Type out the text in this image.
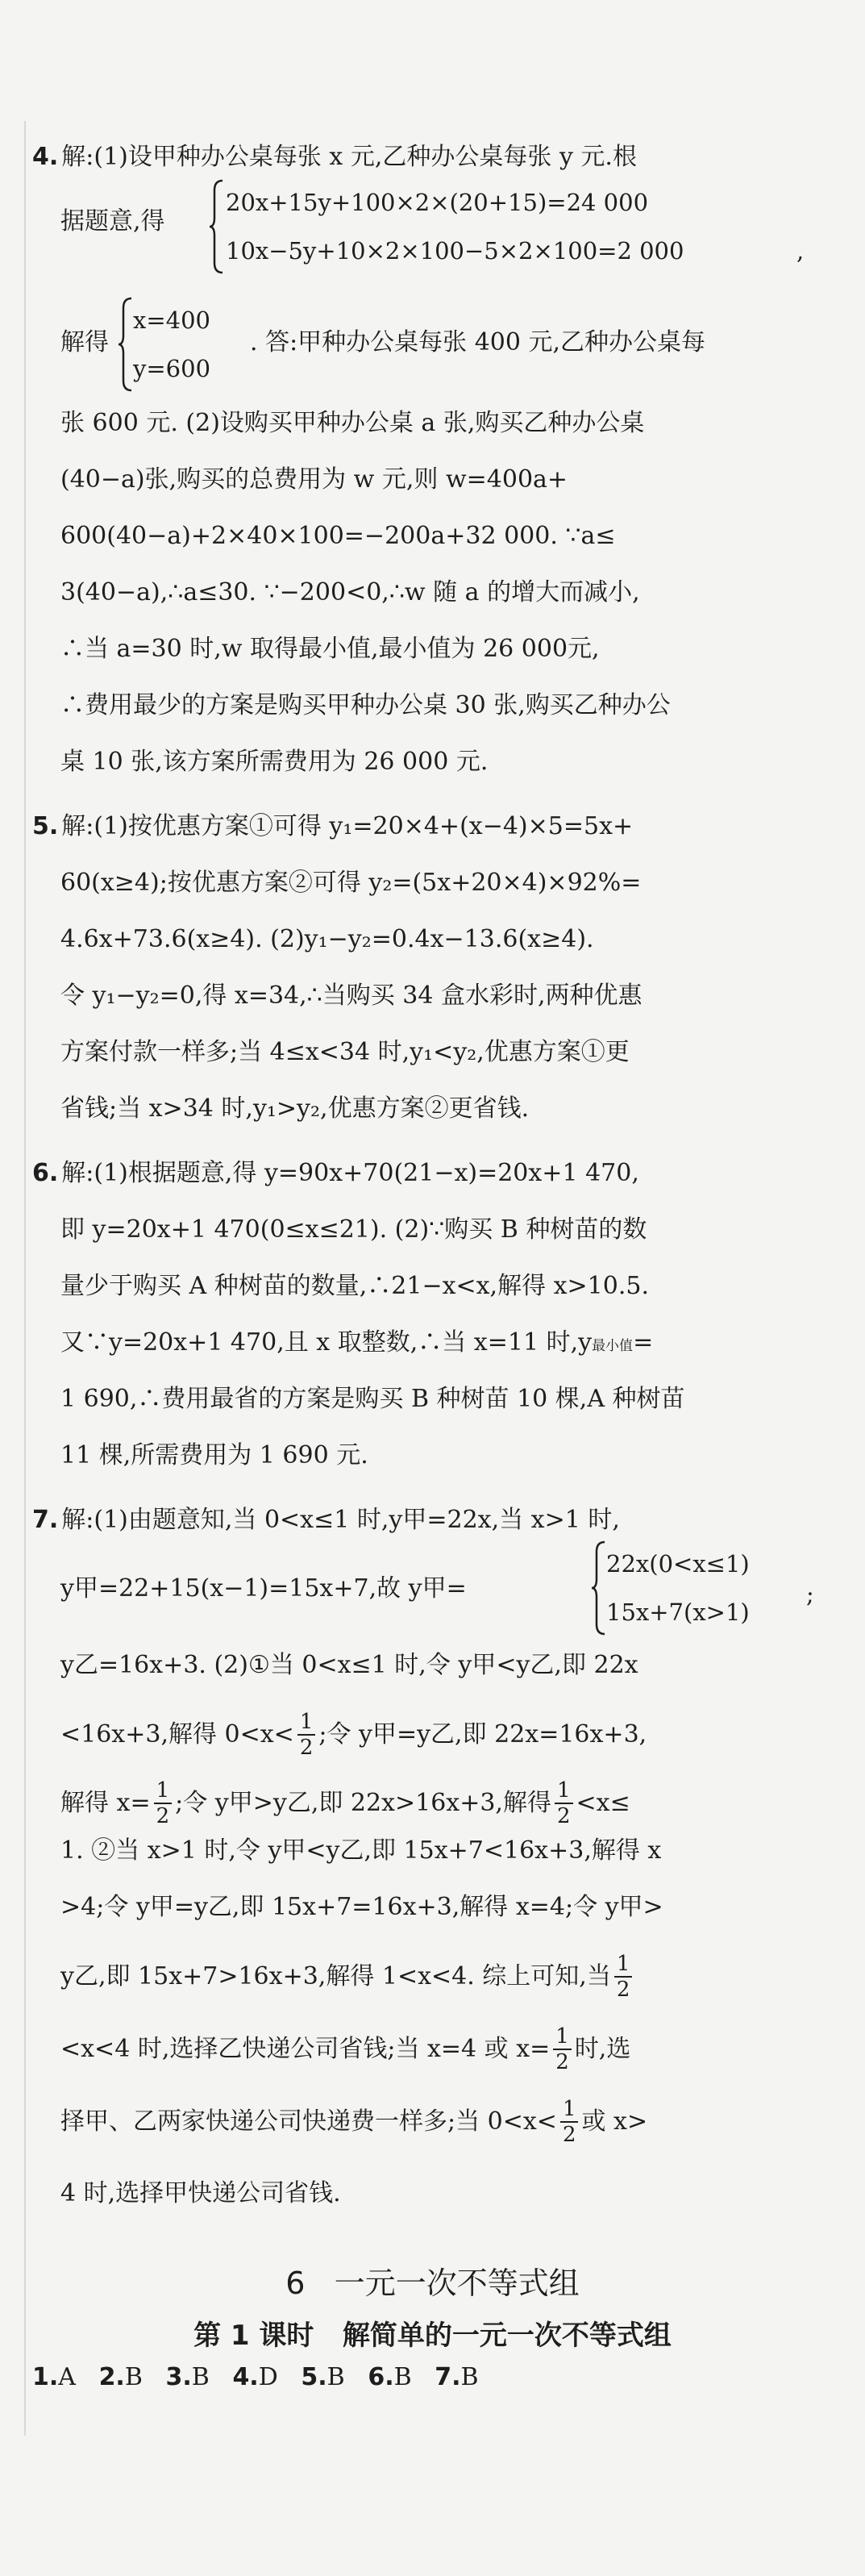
4. 解:(1)设甲种办公桌每张 x 元,乙种办公桌每张 y 元.根
据题意,得
20x+15y+100×2×(20+15)=24 000
10x−5y+10×2×100−5×2×100=2 000	,
解得
x=400
y=600
. 答:甲种办公桌每张 400 元,乙种办公桌每
张 600 元. (2)设购买甲种办公桌 a 张,购买乙种办公桌
(40−a)张,购买的总费用为 w 元,则 w=400a+
600(40−a)+2×40×100=−200a+32 000. ∵a≤
3(40−a),∴a≤30. ∵−200<0,∴w 随 a 的增大而减小,
∴当 a=30 时,w 取得最小值,最小值为 26 000元,
∴费用最少的方案是购买甲种办公桌 30 张,购买乙种办公
桌 10 张,该方案所需费用为 26 000 元.
5. 解:(1)按优惠方案①可得 y₁=20×4+(x−4)×5=5x+
60(x≥4);按优惠方案②可得 y₂=(5x+20×4)×92%=
4.6x+73.6(x≥4). (2)y₁−y₂=0.4x−13.6(x≥4).
令 y₁−y₂=0,得 x=34,∴当购买 34 盒水彩时,两种优惠
方案付款一样多;当 4≤x<34 时,y₁<y₂,优惠方案①更
省钱;当 x>34 时,y₁>y₂,优惠方案②更省钱.
6. 解:(1)根据题意,得 y=90x+70(21−x)=20x+1 470,
即 y=20x+1 470(0≤x≤21). (2)∵购买 B 种树苗的数
量少于购买 A 种树苗的数量,∴21−x<x,解得 x>10.5.
又∵y=20x+1 470,且 x 取整数,∴当 x=11 时,y 最小值 =
1 690,∴费用最省的方案是购买 B 种树苗 10 棵,A 种树苗
11 棵,所需费用为 1 690 元.
7. 解:(1)由题意知,当 0<x≤1 时,y甲=22x,当 x>1 时,
y甲=22+15(x−1)=15x+7,故 y甲=
22x(0<x≤1)
15x+7(x>1)
;
y乙=16x+3. (2)①当 0<x≤1 时,令 y甲<y乙,即 22x
<16x+3,解得 $0<x< \frac{1}{2}$ ;令 y甲=y乙,即 22x=16x+3,
解得 $x= \frac{1}{2}$ ;令 y甲>y乙,即 22x>16x+3,解得 $\frac{1}{2} <x\le$
1. ②当 x>1 时,令 y甲<y乙,即 15x+7<16x+3,解得 x
>4;令 y甲=y乙,即 15x+7=16x+3,解得 x=4;令 y甲>
y乙,即 15x+7>16x+3,解得 1<x<4. 综上可知,当 $\frac{1}{2}$
<x<4 时,选择乙快递公司省钱;当 x=4 或 $x= \frac{1}{2}$ 时,选
择甲、乙两家快递公司快递费一样多;当 $0<x< \frac{1}{2}$ 或 x>
4 时,选择甲快递公司省钱.
6   一元一次不等式组
第 1 课时   解简单的一元一次不等式组
1.A 2.B 3.B 4.D 5.B 6.B 7.B
